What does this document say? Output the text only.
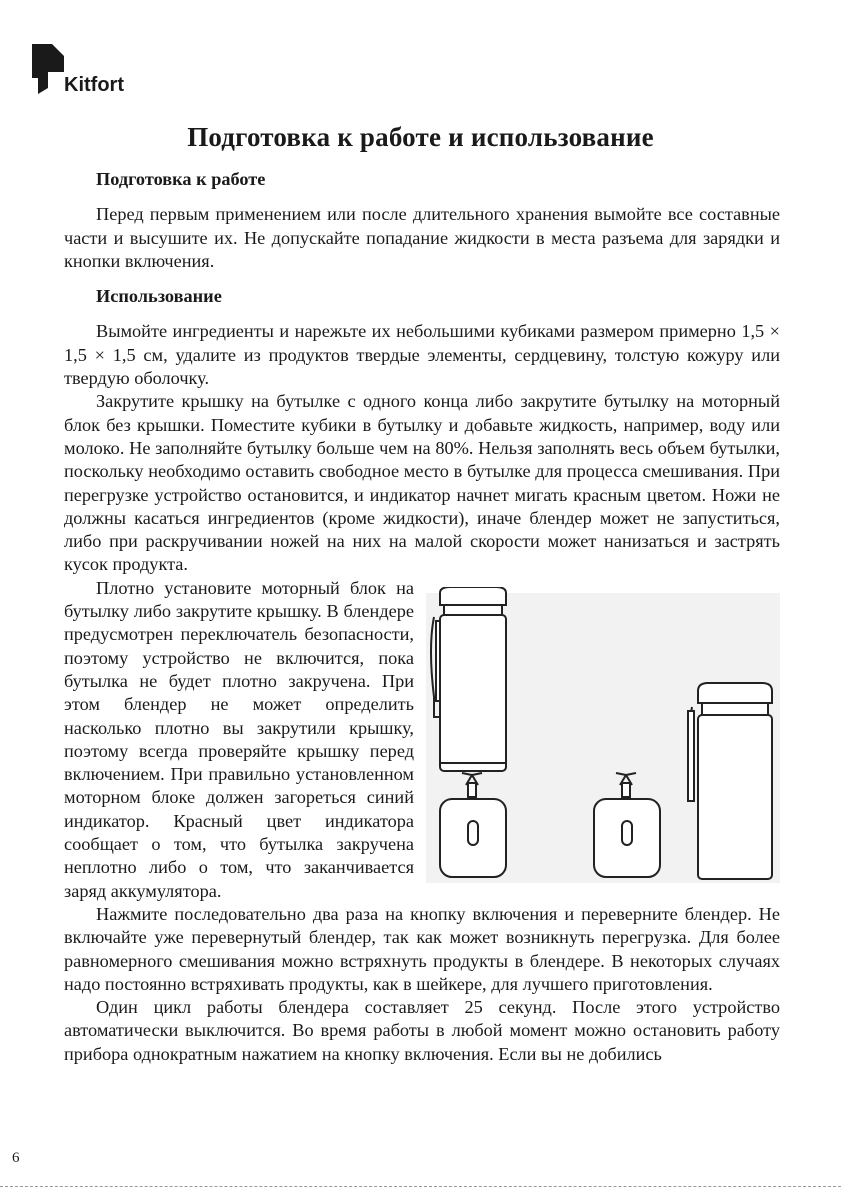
Kitfort
Подготовка к работе и использование
Подготовка к работе

Перед первым применением или после длительного хранения вымойте все составные части и высушите их. Не допускайте попадание жидкости в места разъема для зарядки и кнопки включения.

Использование

Вымойте ингредиенты и нарежьте их небольшими кубиками размером примерно 1,5 × 1,5 × 1,5 см, удалите из продуктов твердые элементы, сердцевину, толстую кожуру или твердую оболочку.

Закрутите крышку на бутылке с одного конца либо закрутите бутылку на моторный блок без крышки. Поместите кубики в бутылку и добавьте жидкость, например, воду или молоко. Не заполняйте бутылку больше чем на 80%. Нельзя заполнять весь объем бутылки, поскольку необходимо оставить свободное место в бутылке для процесса смешивания. При перегрузке устройство остановится, и индикатор начнет мигать красным цветом. Ножи не должны касаться ингредиентов (кроме жидкости), иначе блендер может не запуститься, либо при раскручивании ножей на них на малой скорости может нанизаться и застрять кусок продукта.

Плотно установите моторный блок на бутылку либо закрутите крышку. В блендере предусмотрен переключатель безопасности, поэтому устройство не включится, пока бутылка не будет плотно закручена. При этом блендер не может определить насколько плотно вы закрутили крышку, поэтому всегда проверяйте крышку перед включением. При правильно установленном моторном блоке должен загореться синий индикатор. Красный цвет индикатора сообщает о том, что бутылка закручена неплотно либо о том, что заканчивается заряд аккумулятора.

Нажмите последовательно два раза на кнопку включения и переверните блендер. Не включайте уже перевернутый блендер, так как может возникнуть перегрузка. Для более равномерного смешивания можно встряхнуть продукты в блендере. В некоторых случаях надо постоянно встряхивать продукты, как в шейкере, для лучшего приготовления.

Один цикл работы блендера составляет 25 секунд. После этого устройство автоматически выключится. Во время работы в любой момент можно остановить работу прибора однократным нажатием на кнопку включения. Если вы не добились

6
